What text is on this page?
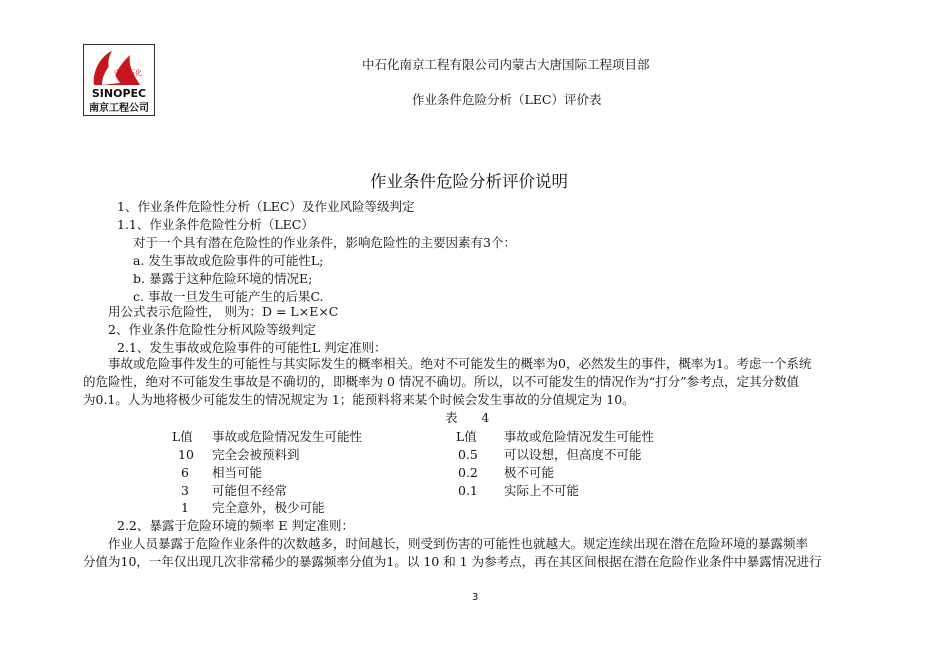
中国石化
SINOPEC
南京工程公司
中石化南京工程有限公司内蒙古大唐国际工程项目部
作业条件危险分析（LEC）评价表
作业条件危险分析评价说明
1、作业条件危险性分析（LEC）及作业风险等级判定
1.1、作业条件危险性分析（LEC）
对于一个具有潜在危险性的作业条件，影响危险性的主要因素有3个：
a. 发生事故或危险事件的可能性L;
b. 暴露于这种危险环境的情况E;
c. 事故一旦发生可能产生的后果C.
用公式表示危险性， 则为：D = L×E×C
2、作业条件危险性分析风险等级判定
2.1、发生事故或危险事件的可能性L 判定准则：
事故或危险事件发生的可能性与其实际发生的概率相关。绝对不可能发生的概率为0，必然发生的事件，概率为1。考虑一个系统
的危险性，绝对不可能发生事故是不确切的，即概率为 0 情况不确切。所以，以不可能发生的情况作为“打分”参考点，定其分数值
为0.1。人为地将极少可能发生的情况规定为 1；能预料将来某个时候会发生事故的分值规定为 10。
表      4
L值 事故或危险情况发生可能性
10 完全会被预料到
6 相当可能
3 可能但不经常
1 完全意外，极少可能
L值 事故或危险情况发生可能性
0.5 可以设想，但高度不可能
0.2 极不可能
0.1 实际上不可能
2.2、暴露于危险环境的频率 E 判定准则：
作业人员暴露于危险作业条件的次数越多，时间越长，则受到伤害的可能性也就越大。规定连续出现在潜在危险环境的暴露频率
分值为10，一年仅出现几次非常稀少的暴露频率分值为1。以 10 和 1 为参考点，再在其区间根据在潜在危险作业条件中暴露情况进行
3
